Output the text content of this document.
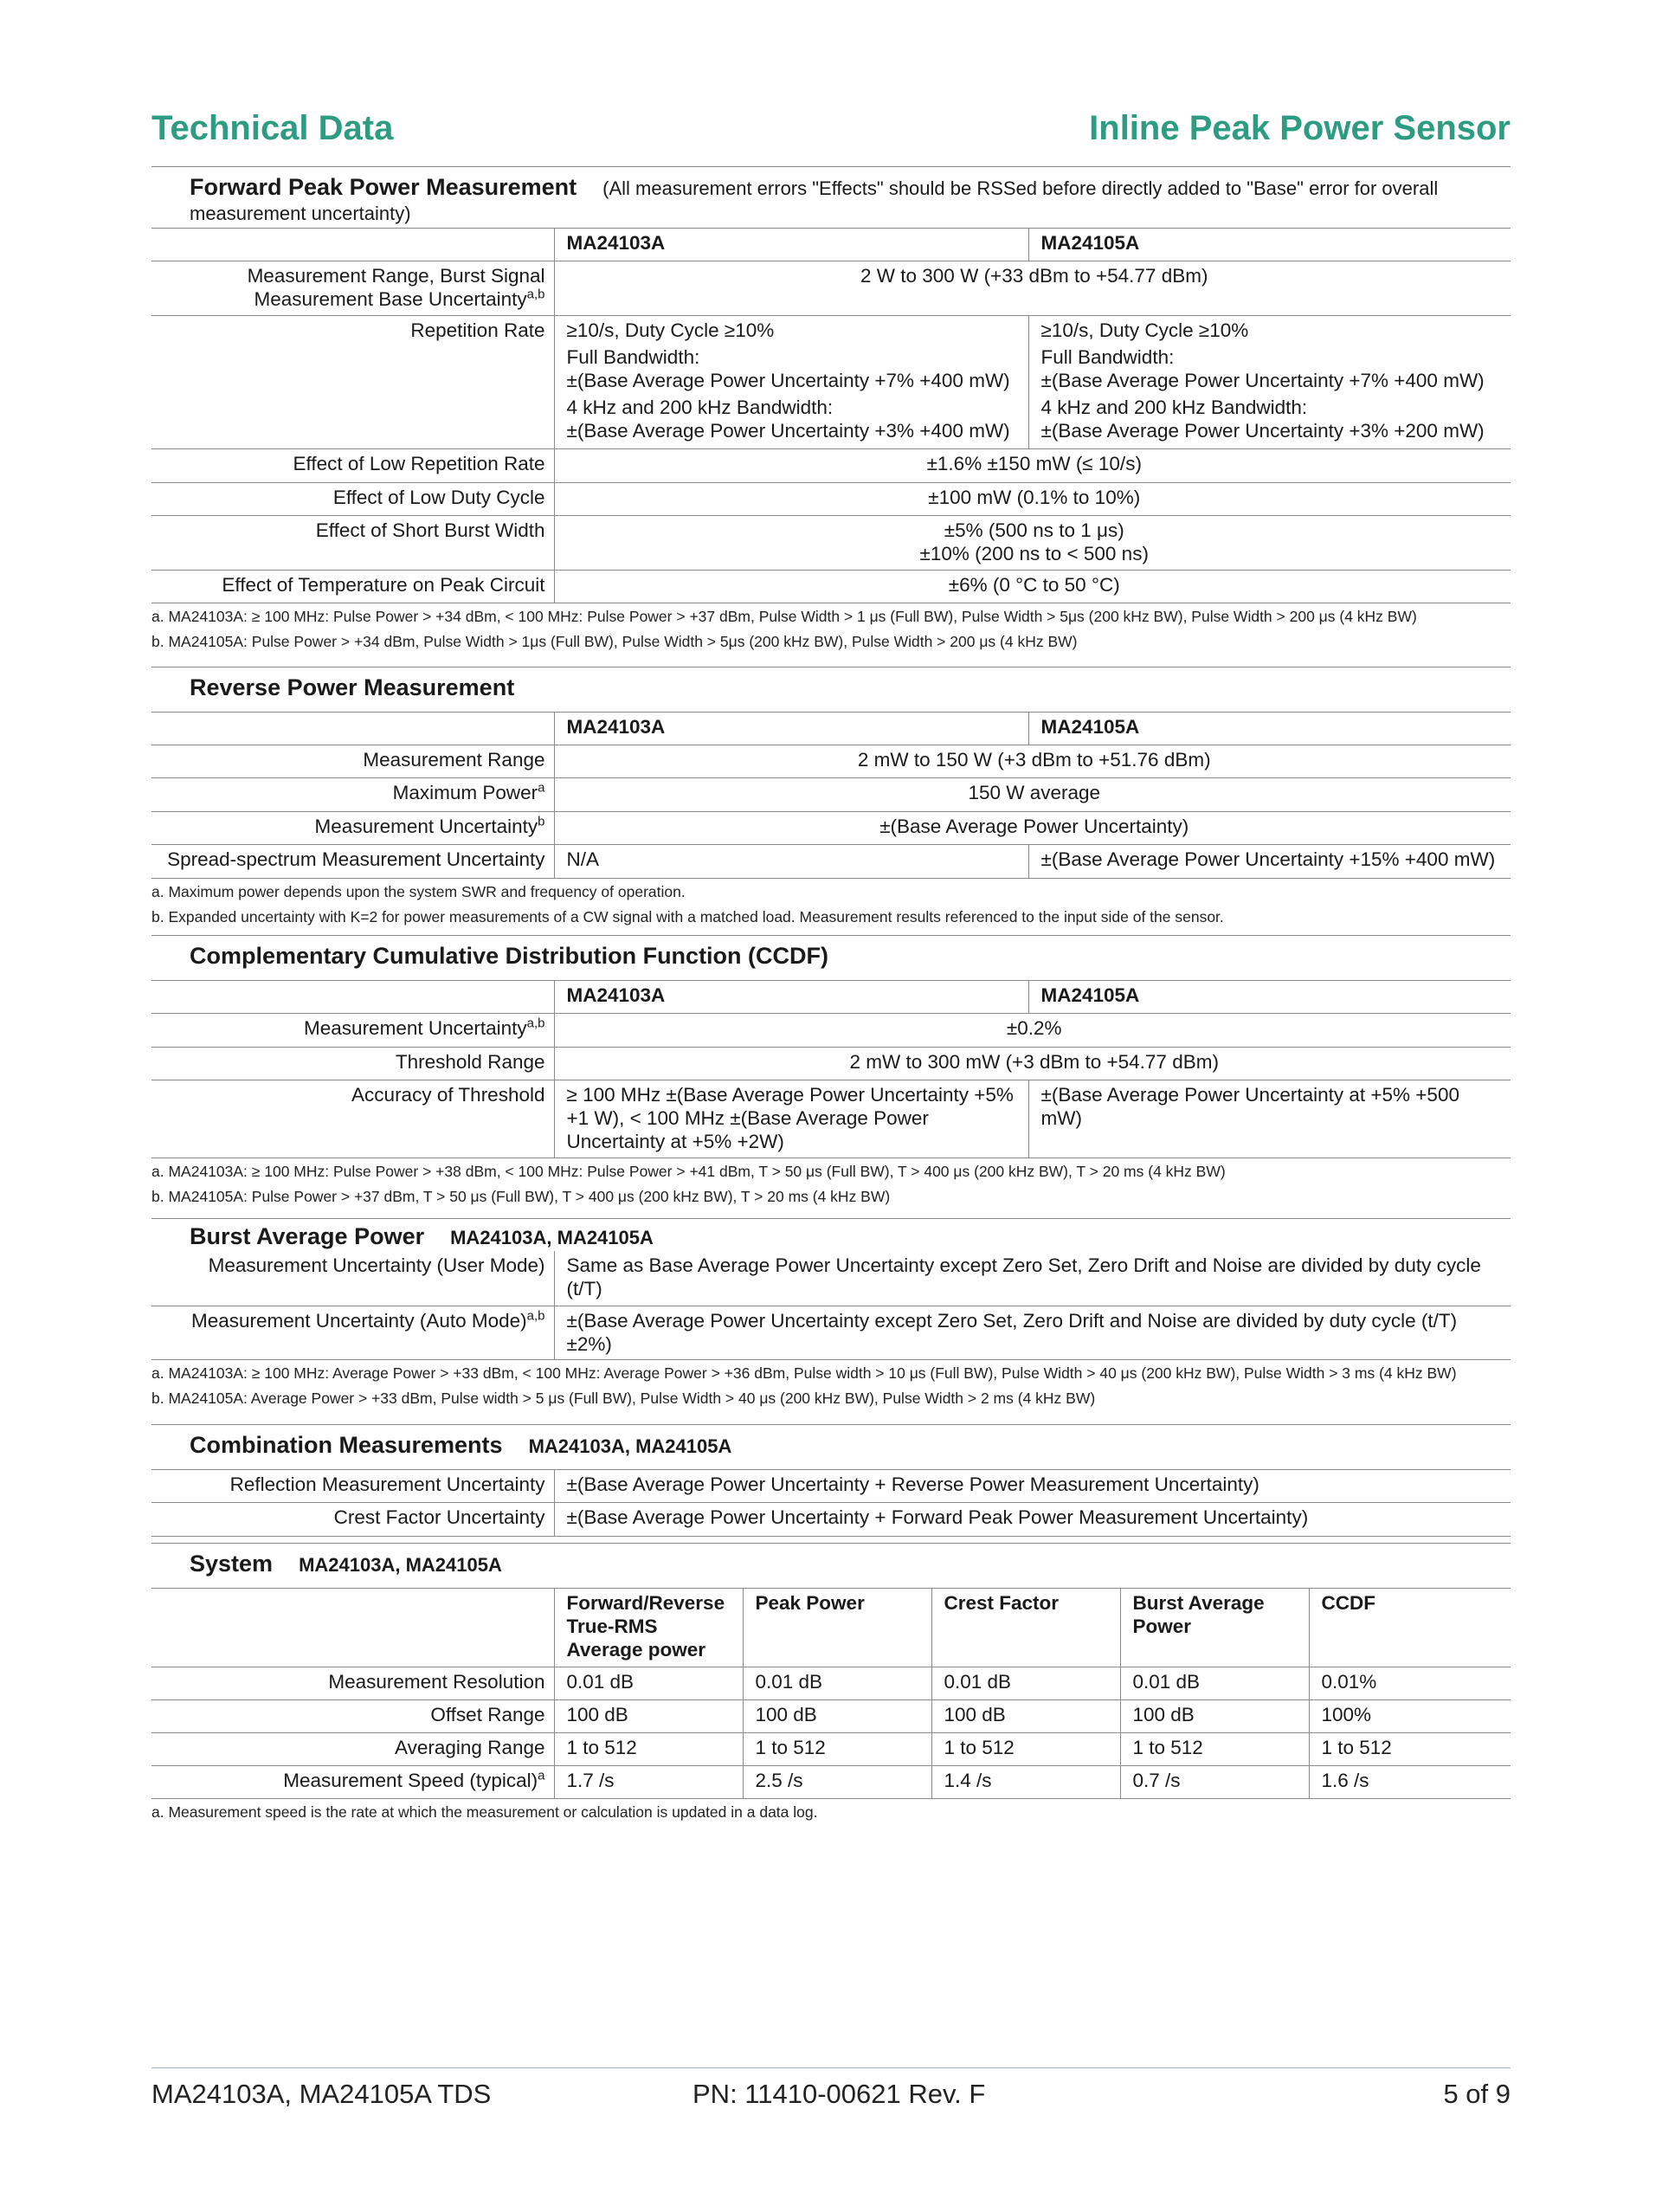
Technical Data	Inline Peak Power Sensor
Forward Peak Power Measurement (All measurement errors "Effects" should be RSSed before directly added to "Base" error for overall measurement uncertainty)
	MA24103A	MA24105A
Measurement Range, Burst Signal Measurement Base Uncertainty$^{a,b}$	2 W to 300 W (+33 dBm to +54.77 dBm)	
Repetition Rate	≥10/s, Duty Cycle ≥10%
Full Bandwidth:
±(Base Average Power Uncertainty +7% +400 mW)
4 kHz and 200 kHz Bandwidth:
±(Base Average Power Uncertainty +3% +400 mW)	≥10/s, Duty Cycle ≥10%
Full Bandwidth:
±(Base Average Power Uncertainty +7% +400 mW)
4 kHz and 200 kHz Bandwidth:
±(Base Average Power Uncertainty +3% +200 mW)

Effect of Low Repetition Rate	±1.6% ±150 mW (≤ 10/s)	
Effect of Low Duty Cycle	±100 mW (0.1% to 10%)	
Effect of Short Burst Width	±5% (500 ns to 1 μs)
±10% (200 ns to < 500 ns)	

Effect of Temperature on Peak Circuit	±6% (0 °C to 50 °C)	
a. MA24103A: ≥ 100 MHz: Pulse Power > +34 dBm, < 100 MHz: Pulse Power > +37 dBm, Pulse Width > 1 μs (Full BW), Pulse Width > 5μs (200 kHz BW), Pulse Width > 200 μs (4 kHz BW)
b. MA24105A: Pulse Power > +34 dBm, Pulse Width > 1μs (Full BW), Pulse Width > 5μs (200 kHz BW), Pulse Width > 200 μs (4 kHz BW)
Reverse Power Measurement
	MA24103A	MA24105A
Measurement Range	2 mW to 150 W (+3 dBm to +51.76 dBm)	
Maximum Power$^a$	150 W average	
Measurement Uncertainty$^b$	±(Base Average Power Uncertainty)	
Spread-spectrum Measurement Uncertainty	N/A	±(Base Average Power Uncertainty +15% +400 mW)
a. Maximum power depends upon the system SWR and frequency of operation.
b. Expanded uncertainty with K=2 for power measurements of a CW signal with a matched load. Measurement results referenced to the input side of the sensor.
Complementary Cumulative Distribution Function (CCDF)
	MA24103A	MA24105A
Measurement Uncertainty$^{a,b}$	±0.2%	
Threshold Range	2 mW to 300 mW (+3 dBm to +54.77 dBm)	
Accuracy of Threshold	≥ 100 MHz ±(Base Average Power Uncertainty +5% +1 W), < 100 MHz ±(Base Average Power Uncertainty at +5% +2W)	±(Base Average Power Uncertainty at +5% +500 mW)
a. MA24103A: ≥ 100 MHz: Pulse Power > +38 dBm, < 100 MHz: Pulse Power > +41 dBm, T > 50 μs (Full BW), T > 400 μs (200 kHz BW), T > 20 ms (4 kHz BW)
b. MA24105A: Pulse Power > +37 dBm, T > 50 μs (Full BW), T > 400 μs (200 kHz BW), T > 20 ms (4 kHz BW)
Burst Average Power MA24103A, MA24105A
Measurement Uncertainty (User Mode)	Same as Base Average Power Uncertainty except Zero Set, Zero Drift and Noise are divided by duty cycle (t/T)
Measurement Uncertainty (Auto Mode)$^{a,b}$	±(Base Average Power Uncertainty except Zero Set, Zero Drift and Noise are divided by duty cycle (t/T) ±2%)
a. MA24103A: ≥ 100 MHz: Average Power > +33 dBm, < 100 MHz: Average Power > +36 dBm, Pulse width > 10 μs (Full BW), Pulse Width > 40 μs (200 kHz BW), Pulse Width > 3 ms (4 kHz BW)
b. MA24105A: Average Power > +33 dBm, Pulse width > 5 μs (Full BW), Pulse Width > 40 μs (200 kHz BW), Pulse Width > 2 ms (4 kHz BW)
Combination Measurements MA24103A, MA24105A
Reflection Measurement Uncertainty	±(Base Average Power Uncertainty + Reverse Power Measurement Uncertainty)
Crest Factor Uncertainty	±(Base Average Power Uncertainty + Forward Peak Power Measurement Uncertainty)
System MA24103A, MA24105A
	Forward/Reverse True-RMS Average power	Peak Power	Crest Factor	Burst Average Power	CCDF
Measurement Resolution	0.01 dB	0.01 dB	0.01 dB	0.01 dB	0.01%
Offset Range	100 dB	100 dB	100 dB	100 dB	100%
Averaging Range	1 to 512	1 to 512	1 to 512	1 to 512	1 to 512
Measurement Speed (typical)$^a$	1.7 /s	2.5 /s	1.4 /s	0.7 /s	1.6 /s
a. Measurement speed is the rate at which the measurement or calculation is updated in a data log.
MA24103A, MA24105A TDS	PN: 11410-00621 Rev. F	5 of 9
